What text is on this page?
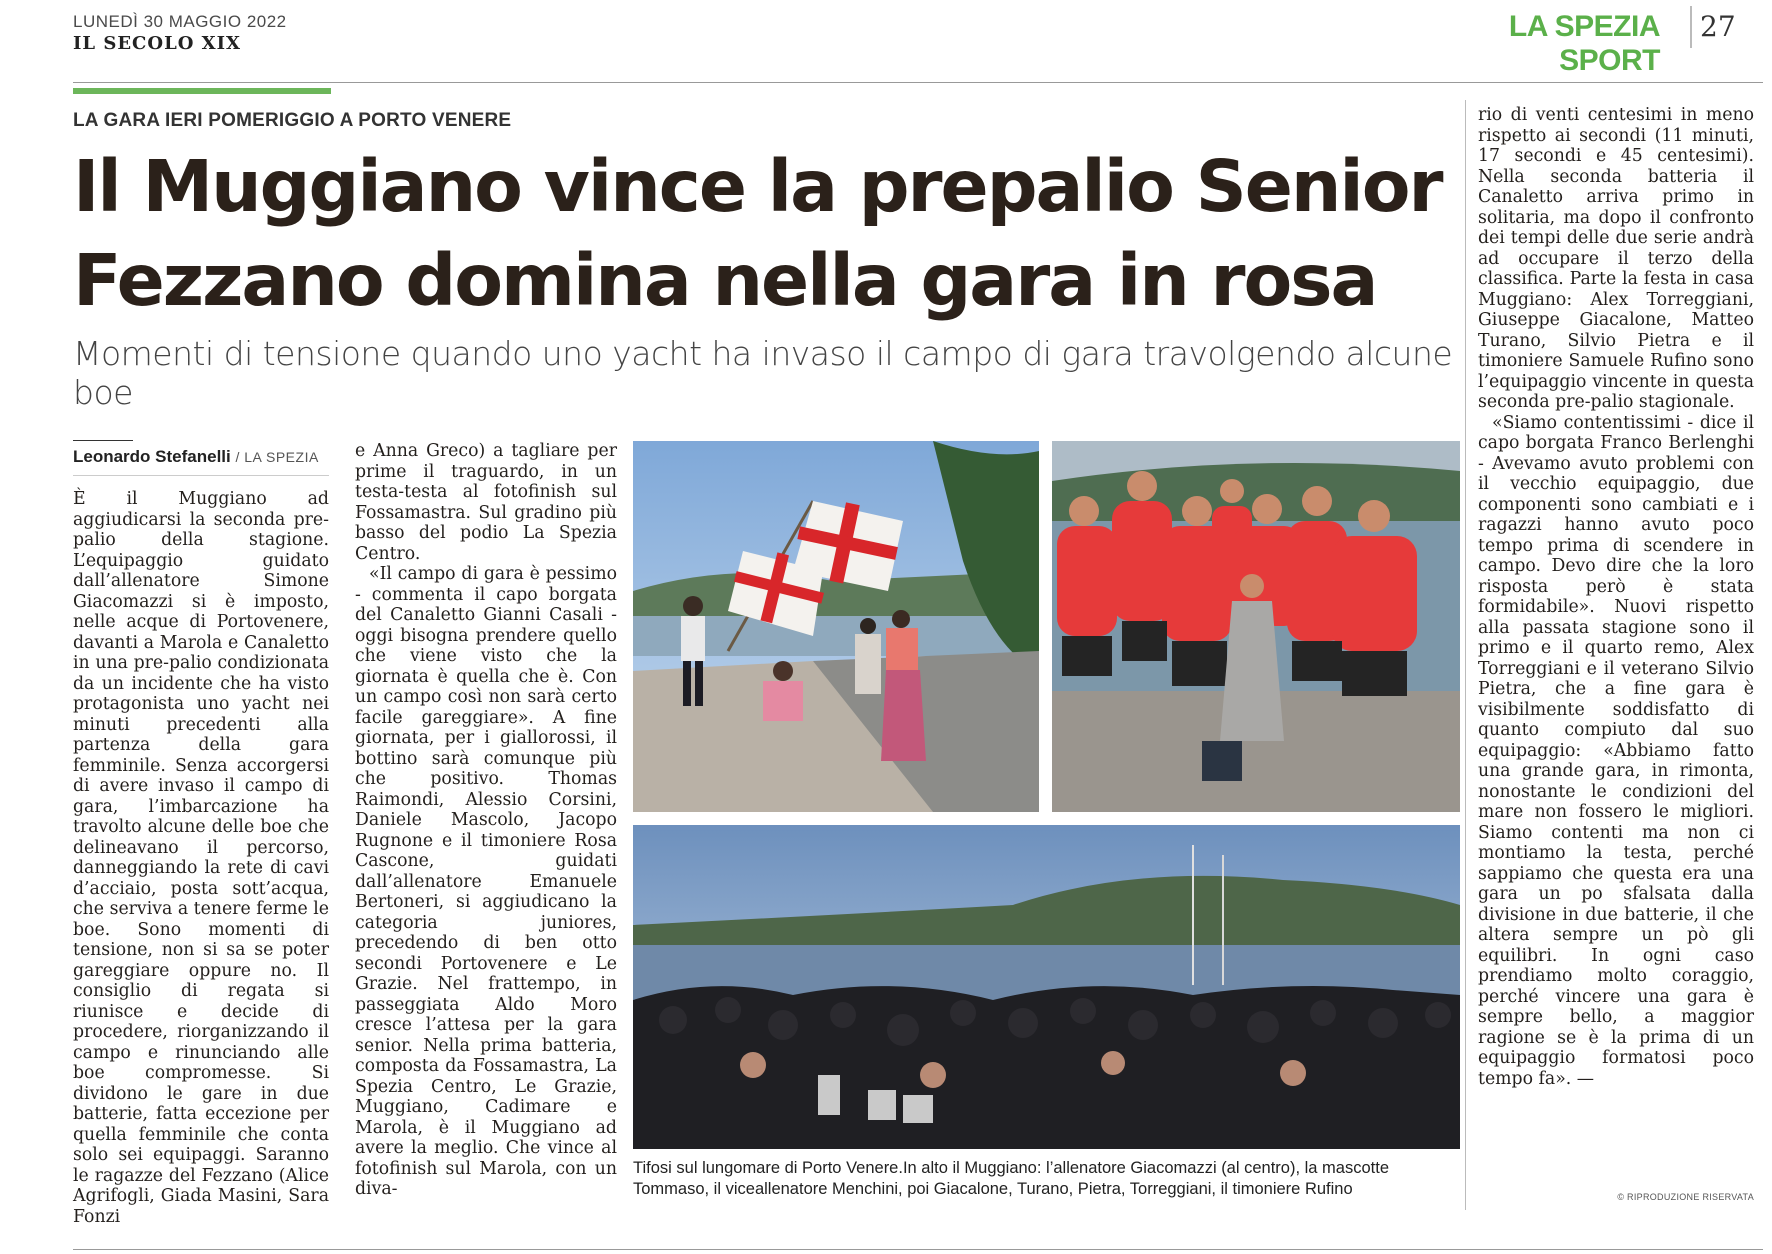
LUNEDÌ 30 MAGGIO 2022
IL SECOLO XIX
LA SPEZIA SPORT
27
LA GARA IERI POMERIGGIO A PORTO VENERE
Il Muggiano vince la prepalio Senior
Fezzano domina nella gara in rosa
Momenti di tensione quando uno yacht ha invaso il campo di gara travolgendo alcune boe
Leonardo Stefanelli / LA SPEZIA

È il Muggiano ad aggiudicarsi la seconda pre-palio della stagione. L’equipaggio guidato dall’allenatore Simone Giacomazzi si è imposto, nelle acque di Portovenere, davanti a Marola e Canaletto in una pre-palio condizionata da un incidente che ha visto protagonista uno yacht nei minuti precedenti alla partenza della gara femminile. Senza accorgersi di avere invaso il campo di gara, l’imbarcazione ha travolto alcune delle boe che delineavano il percorso, danneggiando la rete di cavi d’acciaio, posta sott’acqua, che serviva a tenere ferme le boe. Sono momenti di tensione, non si sa se poter gareggiare oppure no. Il consiglio di regata si riunisce e decide di procedere, riorganizzando il campo e rinunciando alle boe compromesse. Si dividono le gare in due batterie, fatta eccezione per quella femminile che conta solo sei equipaggi. Saranno le ragazze del Fezzano (Alice Agrifogli, Giada Masini, Sara Fonzi

e Anna Greco) a tagliare per prime il traguardo, in un testa-testa al fotofinish sul Fossamastra. Sul gradino più basso del podio La Spezia Centro.

«Il campo di gara è pessimo - commenta il capo borgata del Canaletto Gianni Casali - oggi bisogna prendere quello che viene visto che la giornata è quella che è. Con un campo così non sarà certo facile gareggiare». A fine giornata, per i giallorossi, il bottino sarà comunque più che positivo. Thomas Raimondi, Alessio Corsini, Daniele Mascolo, Jacopo Rugnone e il timoniere Rosa Cascone, guidati dall’allenatore Emanuele Bertoneri, si aggiudicano la categoria juniores, precedendo di ben otto secondi Portovenere e Le Grazie. Nel frattempo, in passeggiata Aldo Moro cresce l’attesa per la gara senior. Nella prima batteria, composta da Fossamastra, La Spezia Centro, Le Grazie, Muggiano, Cadimare e Marola, è il Muggiano ad avere la meglio. Che vince al fotofinish sul Marola, con un diva-

Tifosi sul lungomare di Porto Venere.In alto il Muggiano: l’allenatore Giacomazzi (al centro), la mascotte Tommaso, il viceallenatore Menchini, poi Giacalone, Turano, Pietra, Torreggiani, il timoniere Rufino

rio di venti centesimi in meno rispetto ai secondi (11 minuti, 17 secondi e 45 centesimi). Nella seconda batteria il Canaletto arriva primo in solitaria, ma dopo il confronto dei tempi delle due serie andrà ad occupare il terzo della classifica. Parte la festa in casa Muggiano: Alex Torreggiani, Giuseppe Giacalone, Matteo Turano, Silvio Pietra e il timoniere Samuele Rufino sono l’equipaggio vincente in questa seconda pre-palio stagionale.

«Siamo contentissimi - dice il capo borgata Franco Berlenghi - Avevamo avuto problemi con il vecchio equipaggio, due componenti sono cambiati e i ragazzi hanno avuto poco tempo prima di scendere in campo. Devo dire che la loro risposta però è stata formidabile». Nuovi rispetto alla passata stagione sono il primo e il quarto remo, Alex Torreggiani e il veterano Silvio Pietra, che a fine gara è visibilmente soddisfatto di quanto compiuto dal suo equipaggio: «Abbiamo fatto una grande gara, in rimonta, nonostante le condizioni del mare non fossero le migliori. Siamo contenti ma non ci montiamo la testa, perché sappiamo che questa era una gara un po sfalsata dalla divisione in due batterie, il che altera sempre un pò gli equilibri. In ogni caso prendiamo molto coraggio, perché vincere una gara è sempre bello, a maggior ragione se è la prima di un equipaggio formatosi poco tempo fa». —

© RIPRODUZIONE RISERVATA
